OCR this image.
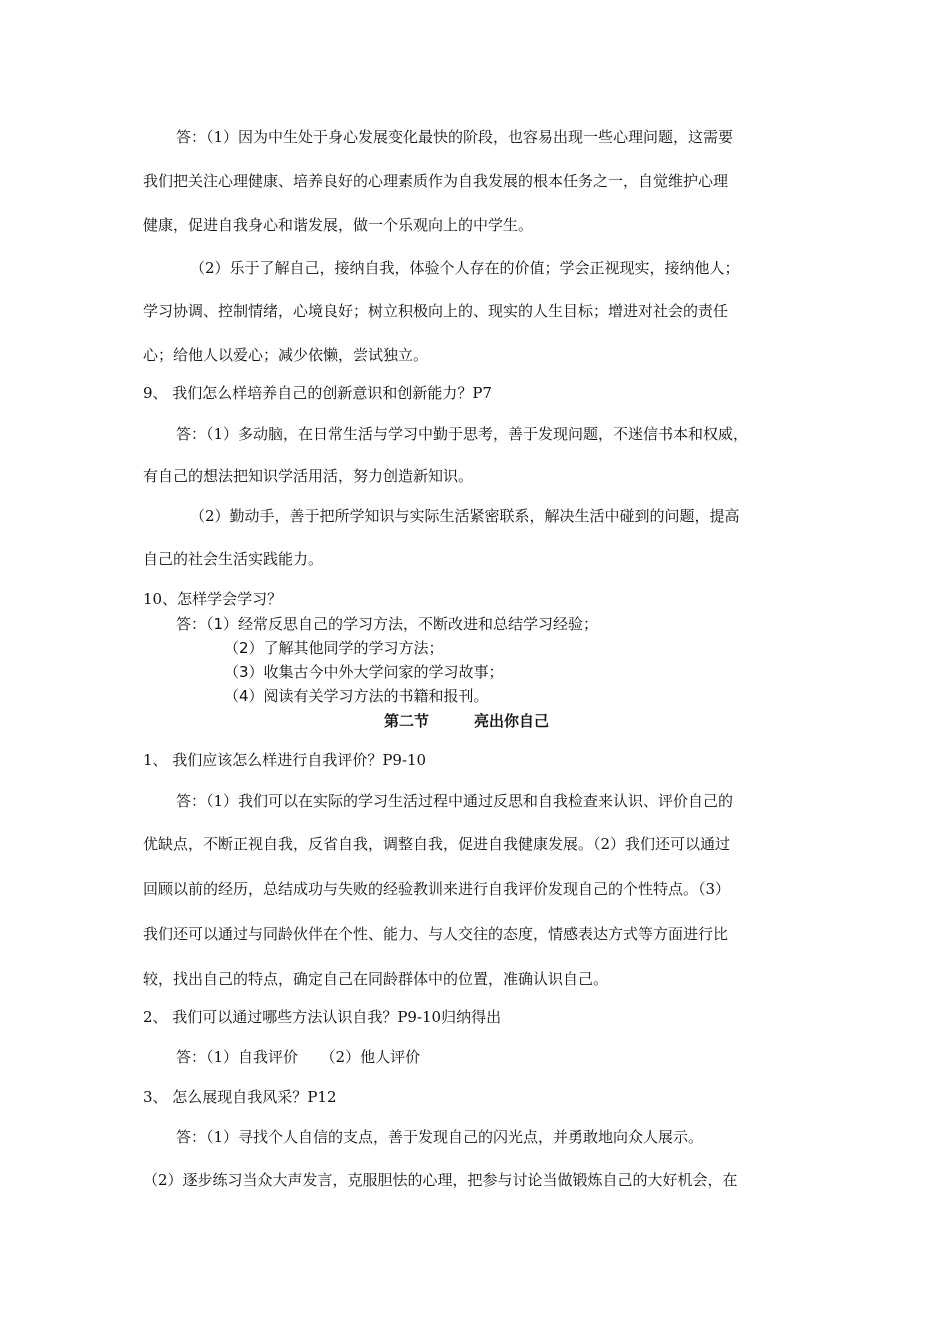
答：（1）因为中生处于身心发展变化最快的阶段，也容易出现一些心理问题，这需要
我们把关注心理健康、培养良好的心理素质作为自我发展的根本任务之一，自觉维护心理
健康，促进自我身心和谐发展，做一个乐观向上的中学生。
（2）乐于了解自己，接纳自我，体验个人存在的价值；学会正视现实，接纳他人；
学习协调、控制情绪，心境良好；树立积极向上的、现实的人生目标；增进对社会的责任
心；给他人以爱心；减少依懒，尝试独立。
9、 我们怎么样培养自己的创新意识和创新能力？P7
答：（1）多动脑，在日常生活与学习中勤于思考，善于发现问题，不迷信书本和权威，
有自己的想法把知识学活用活，努力创造新知识。
（2）勤动手，善于把所学知识与实际生活紧密联系，解决生活中碰到的问题，提高
自己的社会生活实践能力。
10、怎样学会学习？
答：（1）经常反思自己的学习方法，不断改进和总结学习经验；
（2）了解其他同学的学习方法；
（3）收集古今中外大学问家的学习故事；
（4）阅读有关学习方法的书籍和报刊。
第二节　　　亮出你自己
1、 我们应该怎么样进行自我评价？P9-10
答：（1）我们可以在实际的学习生活过程中通过反思和自我检查来认识、评价自己的
优缺点，不断正视自我，反省自我，调整自我，促进自我健康发展。（2）我们还可以通过
回顾以前的经历，总结成功与失败的经验教训来进行自我评价发现自己的个性特点。（3）
我们还可以通过与同龄伙伴在个性、能力、与人交往的态度，情感表达方式等方面进行比
较，找出自己的特点，确定自己在同龄群体中的位置，准确认识自己。
2、 我们可以通过哪些方法认识自我？P9-10归纳得出
答：（1）自我评价　　（2）他人评价
3、 怎么展现自我风采？P12
答：（1）寻找个人自信的支点，善于发现自己的闪光点，并勇敢地向众人展示。
（2）逐步练习当众大声发言，克服胆怯的心理，把参与讨论当做锻炼自己的大好机会，在
